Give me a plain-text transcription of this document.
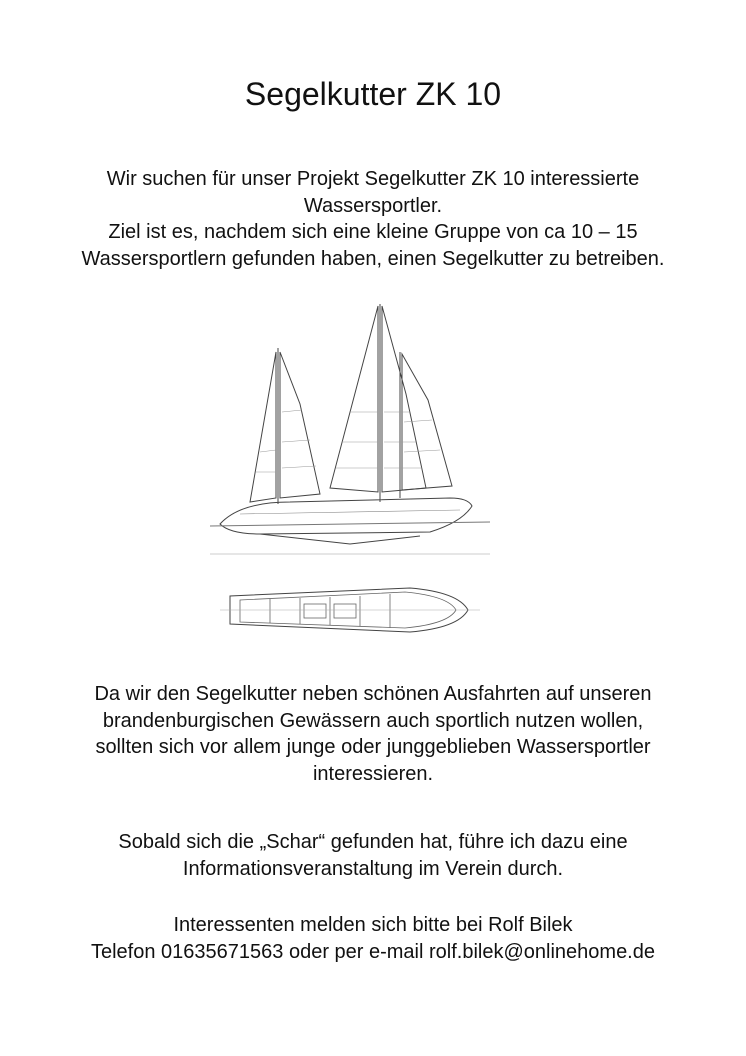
Segelkutter ZK 10

Wir suchen für unser Projekt Segelkutter ZK 10 interessierte
Wassersportler.
Ziel ist es, nachdem sich eine kleine Gruppe von ca 10 – 15
Wassersportlern gefunden haben, einen Segelkutter zu betreiben.

Da wir den Segelkutter neben schönen Ausfahrten auf unseren
brandenburgischen Gewässern auch sportlich nutzen wollen,
sollten sich vor allem junge oder junggeblieben Wassersportler
interessieren.

Sobald sich die „Schar“ gefunden hat, führe ich dazu eine
Informationsveranstaltung im Verein durch.

Interessenten melden sich bitte bei Rolf Bilek
Telefon 01635671563 oder per e-mail rolf.bilek@onlinehome.de
